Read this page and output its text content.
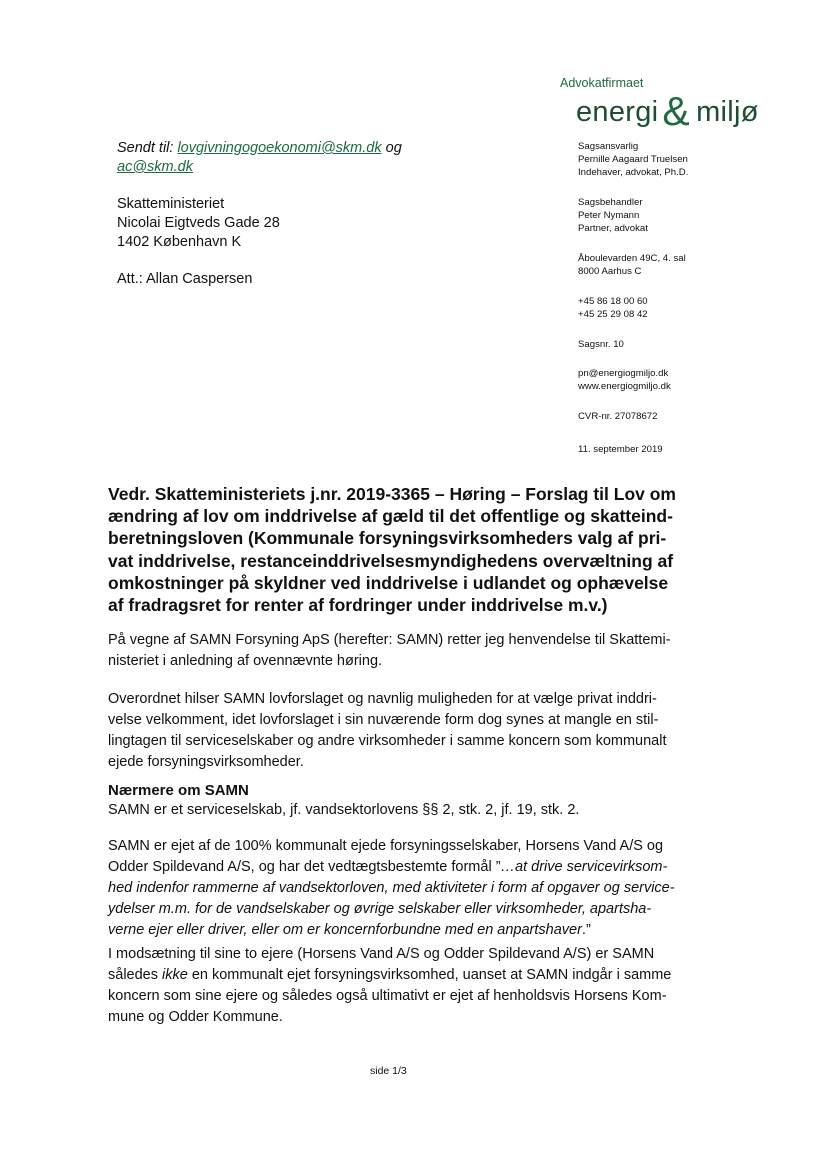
Advokatfirmaet
energi& miljø
Sendt til: lovgivningogoekonomi@skm.dk og
ac@skm.dk
Skatteministeriet
Nicolai Eigtveds Gade 28
1402 København K
Att.: Allan Caspersen
Sagsansvarlig
Pernille Aagaard Truelsen
Indehaver, advokat, Ph.D.
Sagsbehandler
Peter Nymann
Partner, advokat
Åboulevarden 49C, 4. sal
8000 Aarhus C
+45 86 18 00 60
+45 25 29 08 42
Sagsnr. 10
pn@energiogmiljo.dk
www.energiogmiljo.dk
CVR-nr. 27078672
11. september 2019
Vedr. Skatteministeriets j.nr. 2019-3365 – Høring – Forslag til Lov om
ændring af lov om inddrivelse af gæld til det offentlige og skatteind-
beretningsloven (Kommunale forsyningsvirksomheders valg af pri-
vat inddrivelse, restanceinddrivelsesmyndighedens overvæltning af
omkostninger på skyldner ved inddrivelse i udlandet og ophævelse
af fradragsret for renter af fordringer under inddrivelse m.v.)
På vegne af SAMN Forsyning ApS (herefter: SAMN) retter jeg henvendelse til Skattemi-
nisteriet i anledning af ovennævnte høring.
Overordnet hilser SAMN lovforslaget og navnlig muligheden for at vælge privat inddri-
velse velkomment, idet lovforslaget i sin nuværende form dog synes at mangle en stil-
lingtagen til serviceselskaber og andre virksomheder i samme koncern som kommunalt
ejede forsyningsvirksomheder.
Nærmere om SAMN
SAMN er et serviceselskab, jf. vandsektorlovens §§ 2, stk. 2, jf. 19, stk. 2.
SAMN er ejet af de 100% kommunalt ejede forsyningsselskaber, Horsens Vand A/S og
Odder Spildevand A/S, og har det vedtægtsbestemte formål ”…at drive servicevirksom-
hed indenfor rammerne af vandsektorloven, med aktiviteter i form af opgaver og service-
ydelser m.m. for de vandselskaber og øvrige selskaber eller virksomheder, apartsha-
verne ejer eller driver, eller om er koncernforbundne med en anpartshaver.”
I modsætning til sine to ejere (Horsens Vand A/S og Odder Spildevand A/S) er SAMN
således ikke en kommunalt ejet forsyningsvirksomhed, uanset at SAMN indgår i samme
koncern som sine ejere og således også ultimativt er ejet af henholdsvis Horsens Kom-
mune og Odder Kommune.
side 1/3
